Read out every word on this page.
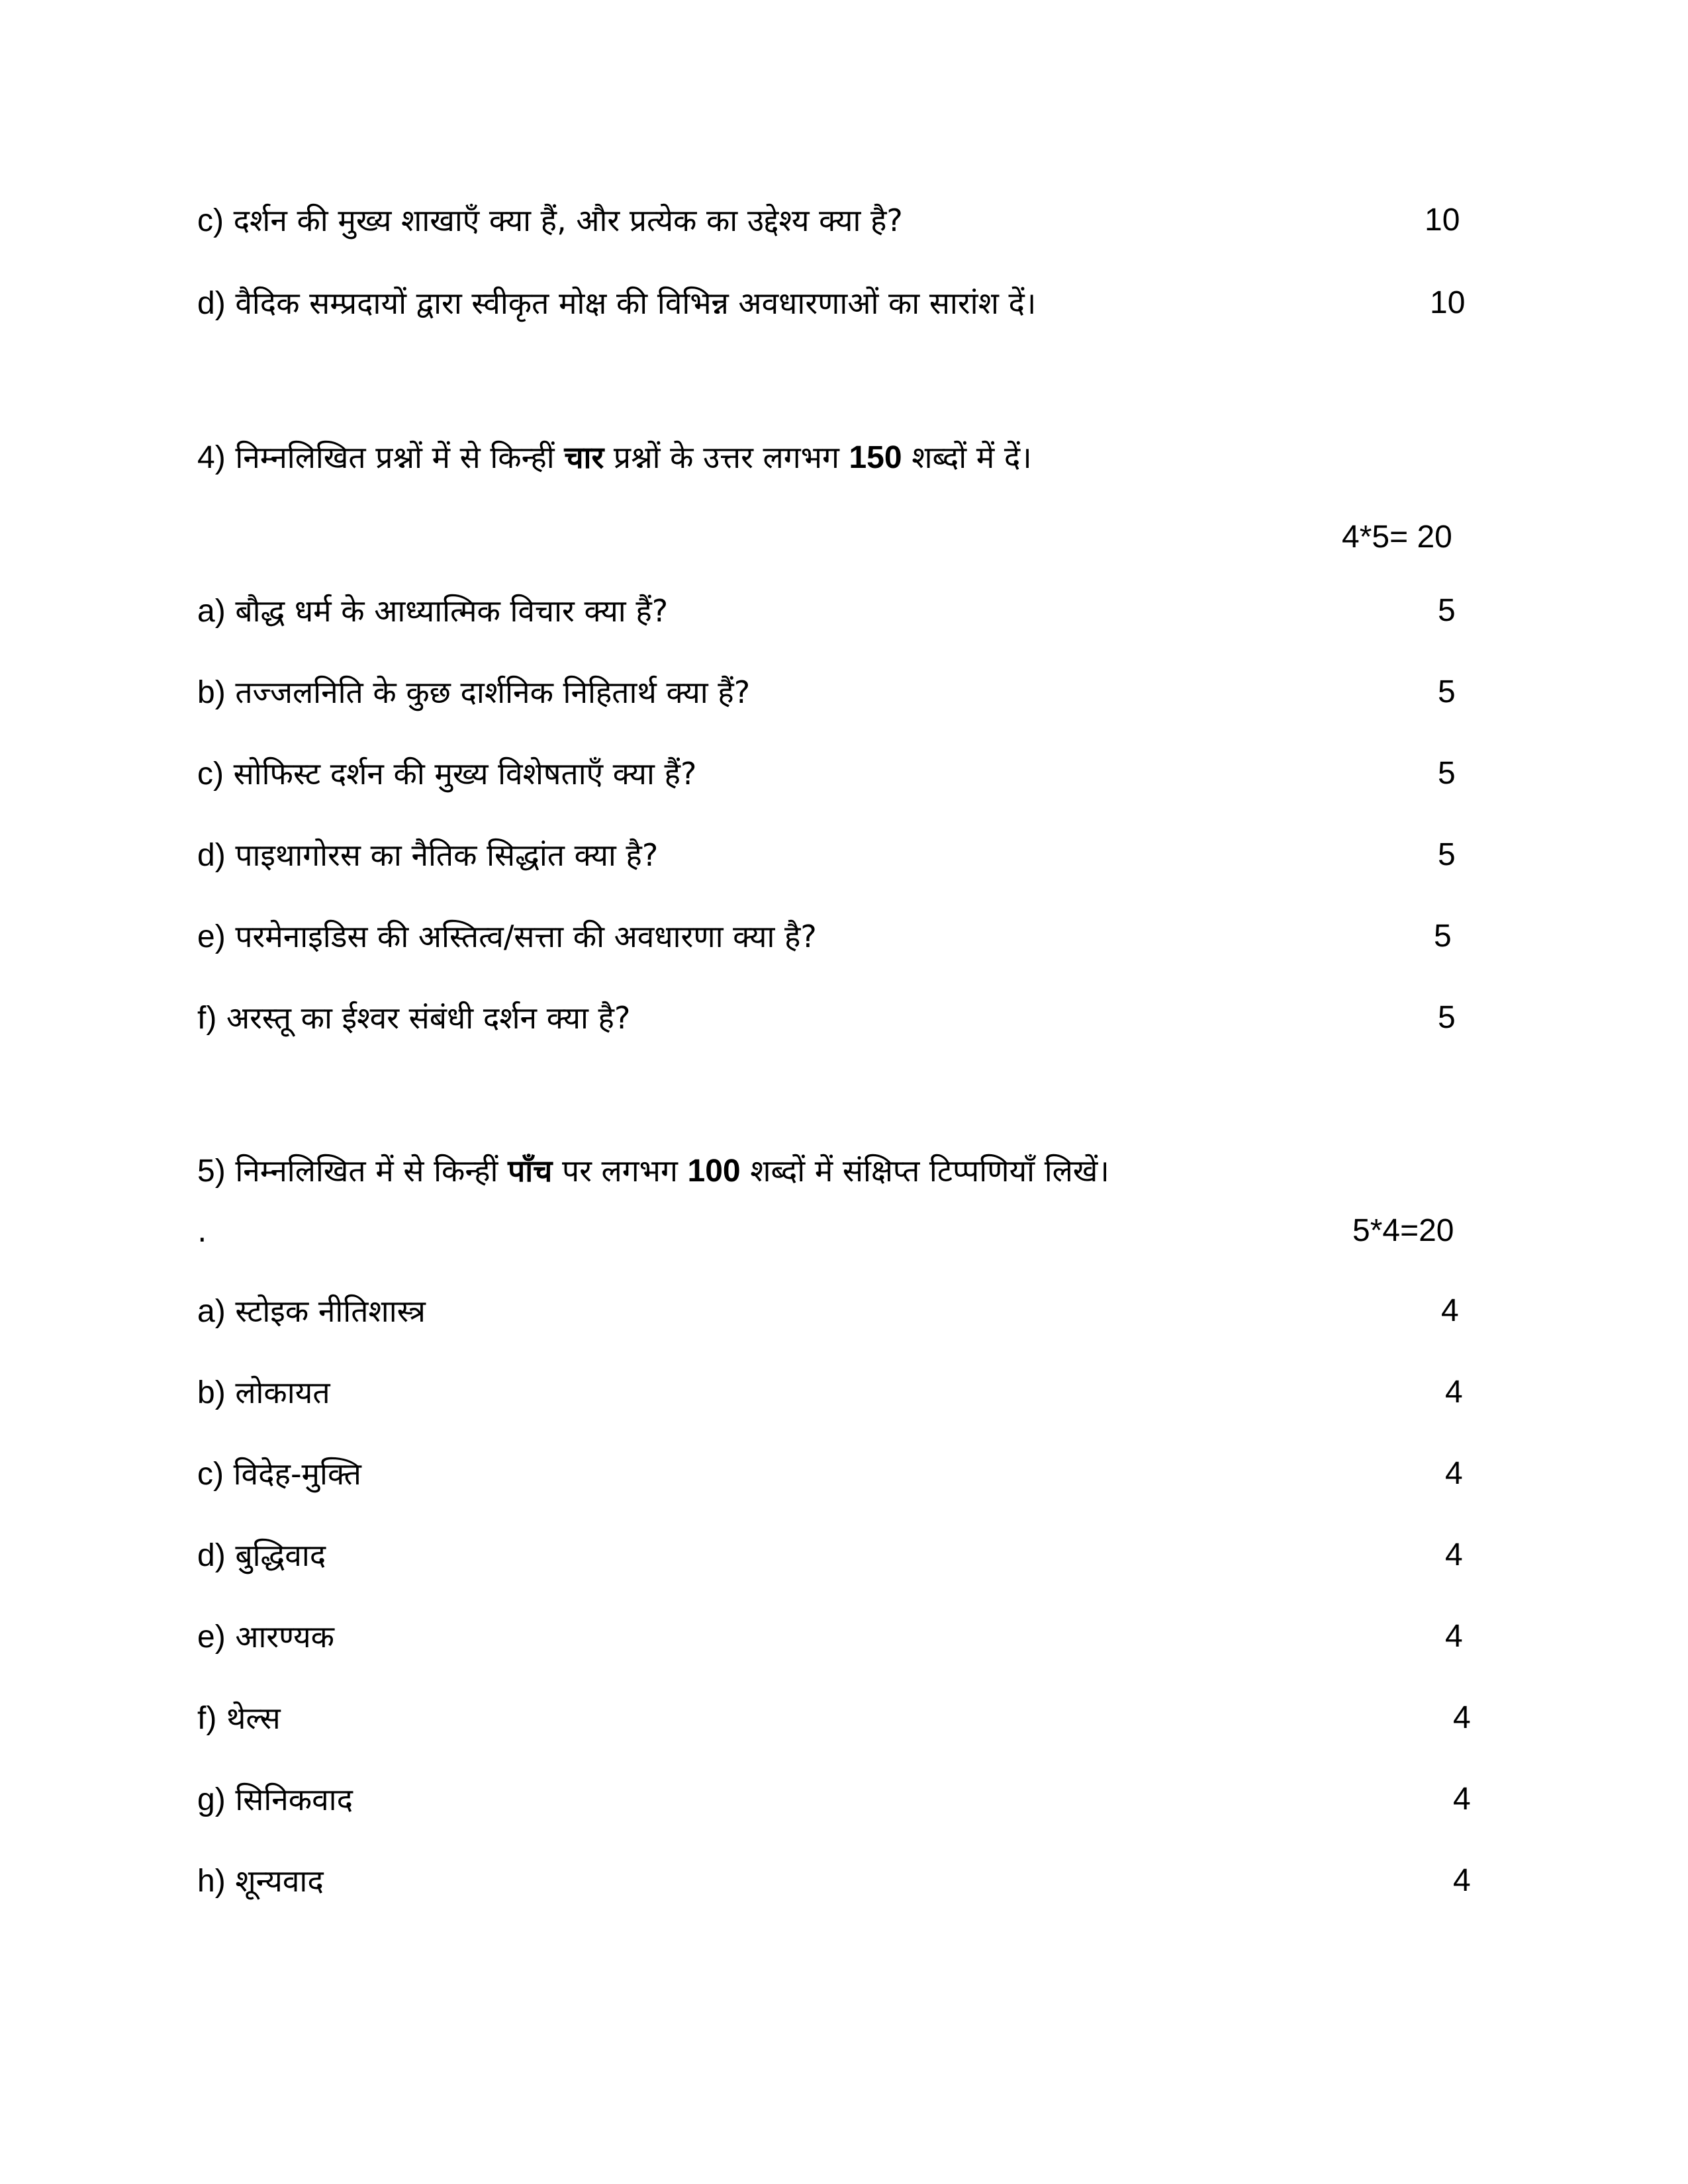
c) दर्शन की मुख्य शाखाएँ क्या हैं, और प्रत्येक का उद्देश्य क्या है?	10
d) वैदिक सम्प्रदायों द्वारा स्वीकृत मोक्ष की विभिन्न अवधारणाओं का सारांश दें।	10
4) निम्नलिखित प्रश्नों में से किन्हीं चार प्रश्नों के उत्तर लगभग 150 शब्दों में दें।
4*5= 20
a) बौद्ध धर्म के आध्यात्मिक विचार क्या हैं?	5
b) तज्जलनिति के कुछ दार्शनिक निहितार्थ क्या हैं?	5
c) सोफिस्ट दर्शन की मुख्य विशेषताएँ क्या हैं?	5
d) पाइथागोरस का नैतिक सिद्धांत क्या है?	5
e) परमेनाइडिस की अस्तित्व/सत्ता की अवधारणा क्या है?	5
f) अरस्तू का ईश्वर संबंधी दर्शन क्या है?	5
5) निम्नलिखित में से किन्हीं पाँच पर लगभग 100 शब्दों में संक्षिप्त टिप्पणियाँ लिखें।
.	5*4=20
a) स्टोइक नीतिशास्त्र	4
b) लोकायत	4
c) विदेह-मुक्ति	4
d) बुद्धिवाद	4
e) आरण्यक	4
f) थेल्स	4
g) सिनिकवाद	4
h) शून्यवाद	4
